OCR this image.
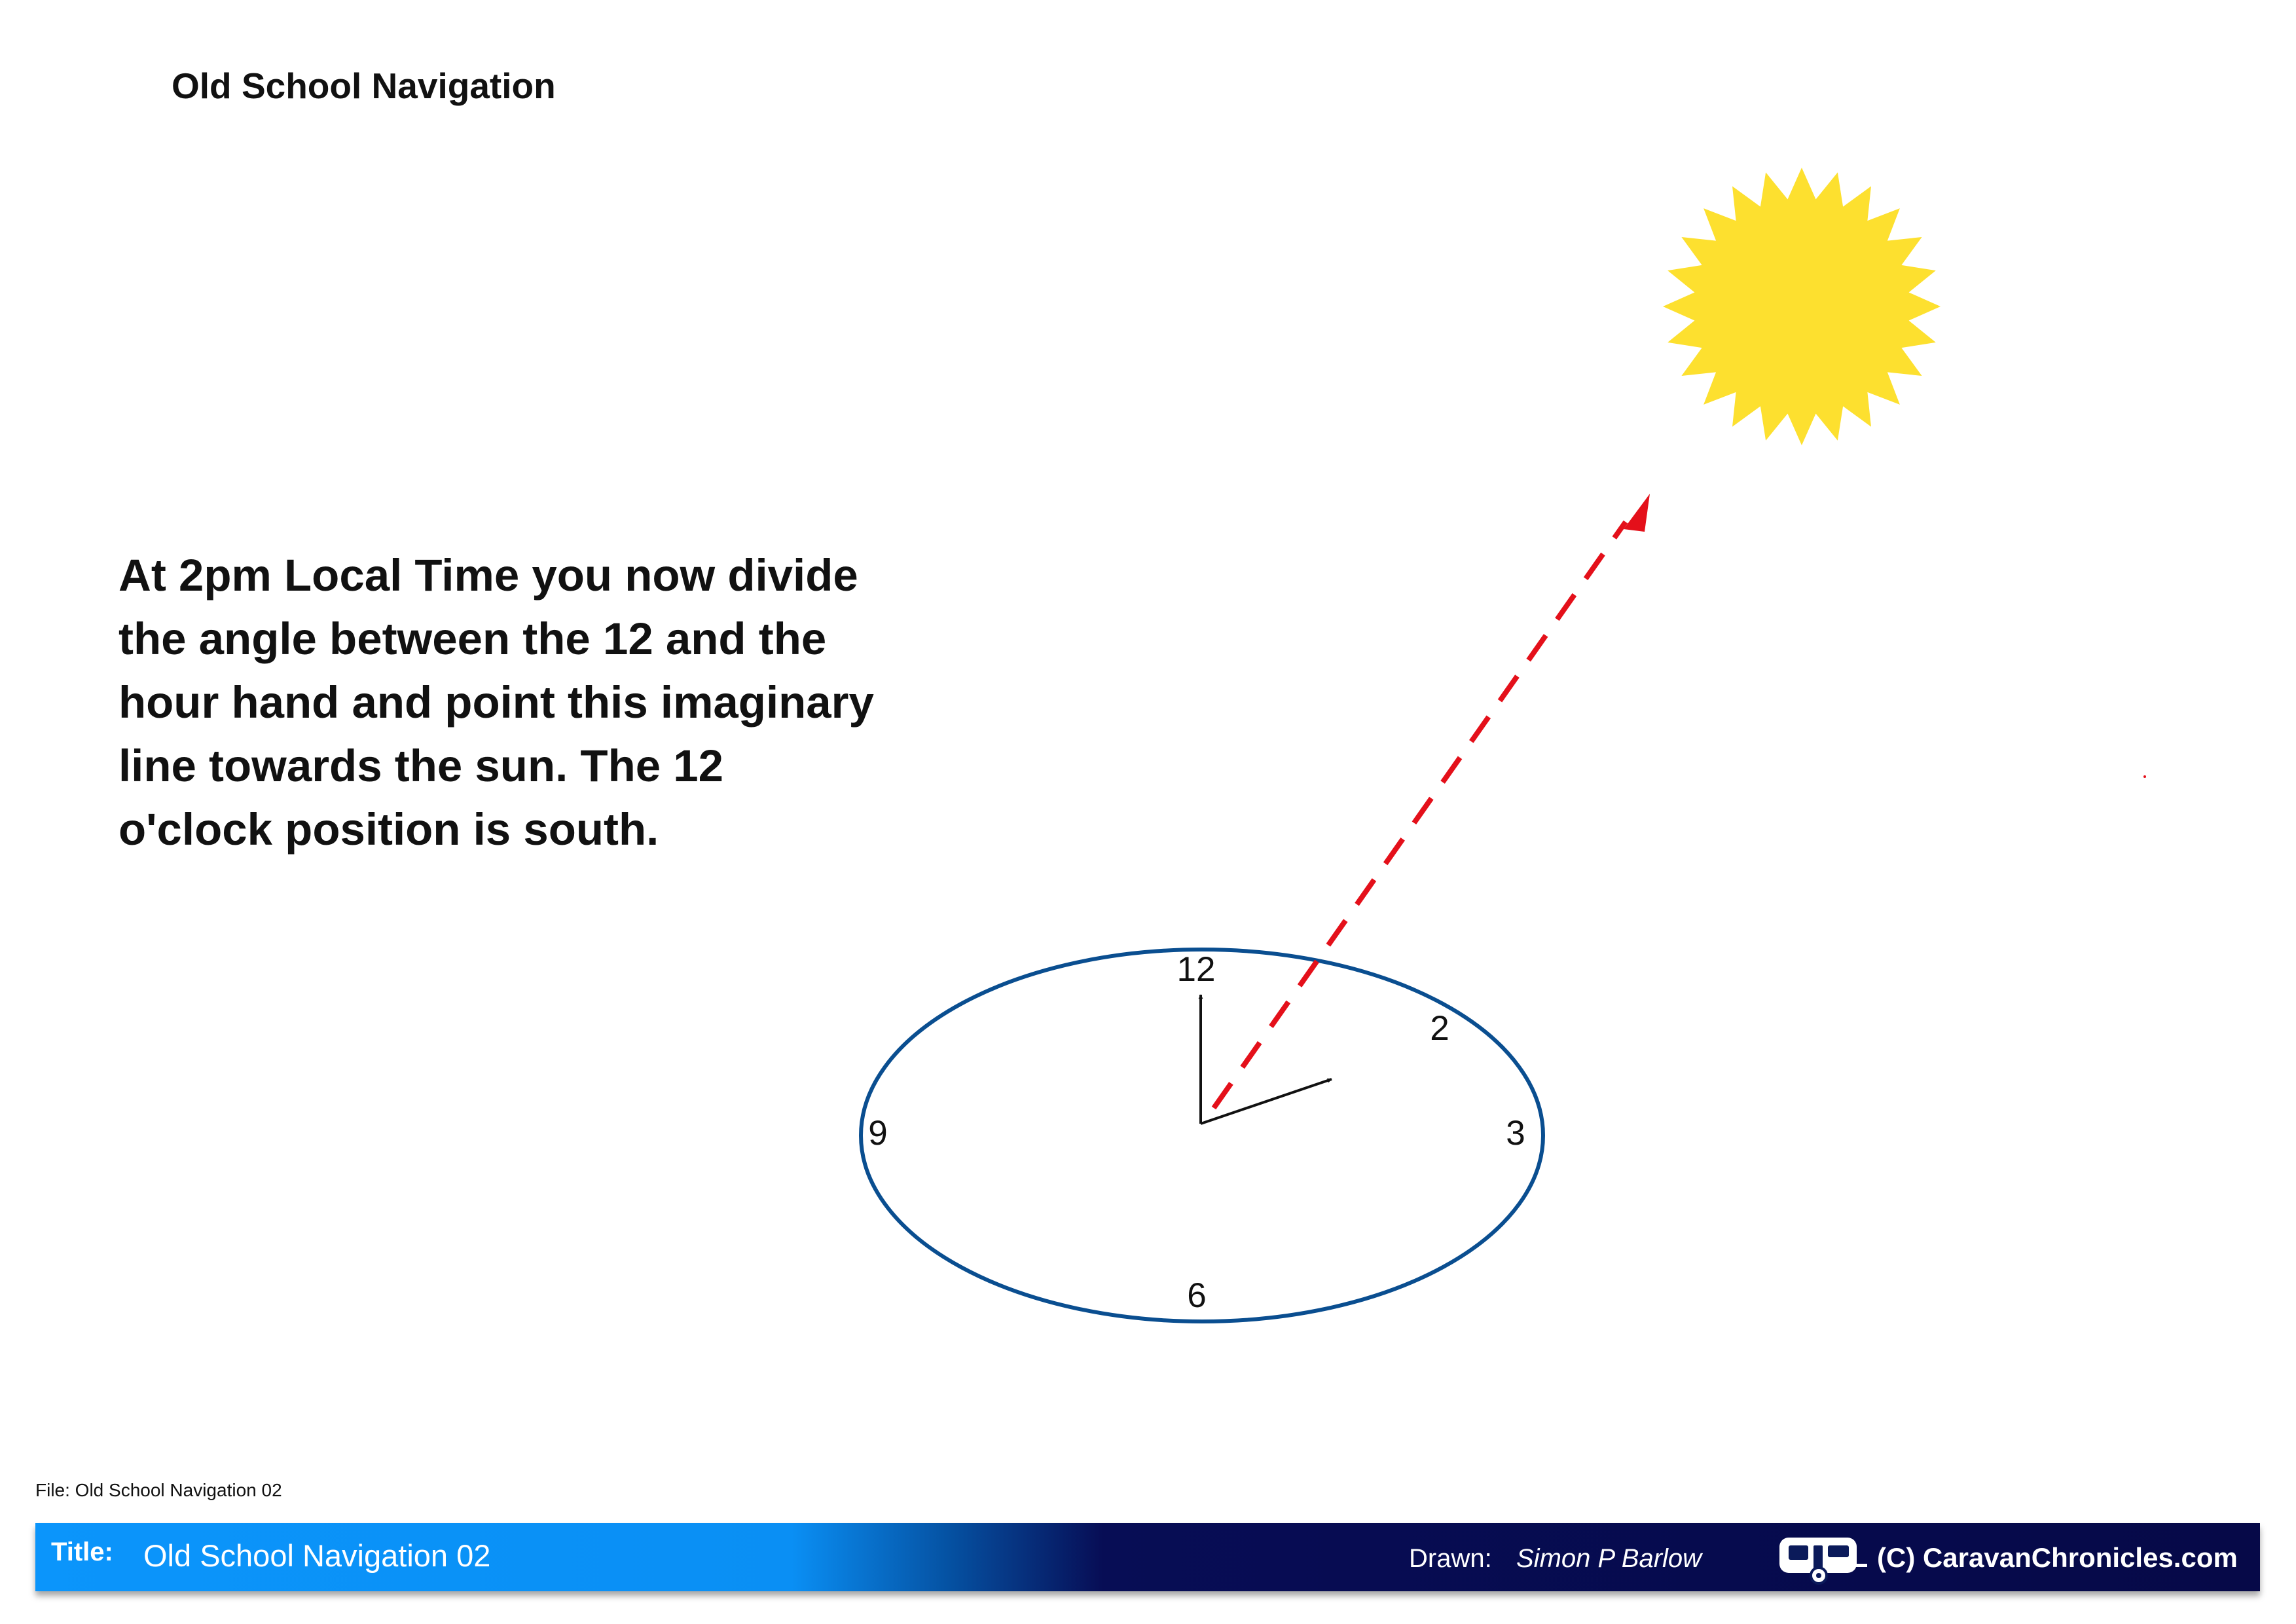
Old School Navigation
At 2pm Local Time you now divide
the angle between the 12 and the
hour hand and point this imaginary
line towards the sun. The 12
o'clock position is south.
12
2
3
6
9
File: Old School Navigation 02
Title: Old School Navigation 02	Drawn: Simon P Barlow	(C) CaravanChronicles.com
